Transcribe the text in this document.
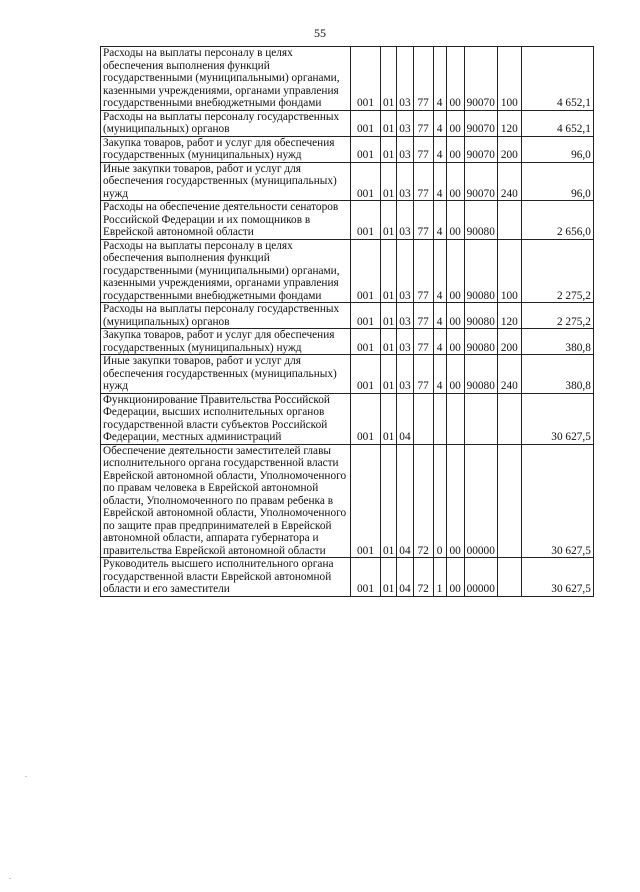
55
Расходы на выплаты персоналу в целях обеспечения выполнения функций государственными (муниципальными) органами, казенными учреждениями, органами управления государственными внебюджетными фондами	001	01	03	77	4	00	90070	100	4 652,1
Расходы на выплаты персоналу государственных (муниципальных) органов	001	01	03	77	4	00	90070	120	4 652,1
Закупка товаров, работ и услуг для обеспечения государственных (муниципальных) нужд	001	01	03	77	4	00	90070	200	96,0
Иные закупки товаров, работ и услуг для обеспечения государственных (муниципальных) нужд	001	01	03	77	4	00	90070	240	96,0
Расходы на обеспечение деятельности сенаторов Российской Федерации и их помощников в Еврейской автономной области	001	01	03	77	4	00	90080		2 656,0
Расходы на выплаты персоналу в целях обеспечения выполнения функций государственными (муниципальными) органами, казенными учреждениями, органами управления государственными внебюджетными фондами	001	01	03	77	4	00	90080	100	2 275,2
Расходы на выплаты персоналу государственных (муниципальных) органов	001	01	03	77	4	00	90080	120	2 275,2
Закупка товаров, работ и услуг для обеспечения государственных (муниципальных) нужд	001	01	03	77	4	00	90080	200	380,8
Иные закупки товаров, работ и услуг для обеспечения государственных (муниципальных) нужд	001	01	03	77	4	00	90080	240	380,8
Функционирование Правительства Российской Федерации, высших исполнительных органов государственной власти субъектов Российской Федерации, местных администраций	001	01	04						30 627,5
Обеспечение деятельности заместителей главы исполнительного органа государственной власти Еврейской автономной области, Уполномоченного по правам человека в Еврейской автономной области, Уполномоченного по правам ребенка в Еврейской автономной области, Уполномоченного по защите прав предпринимателей в Еврейской автономной области, аппарата губернатора и правительства Еврейской автономной области	001	01	04	72	0	00	00000		30 627,5
Руководитель высшего исполнительного органа государственной власти Еврейской автономной области и его заместители	001	01	04	72	1	00	00000		30 627,5
.
.
